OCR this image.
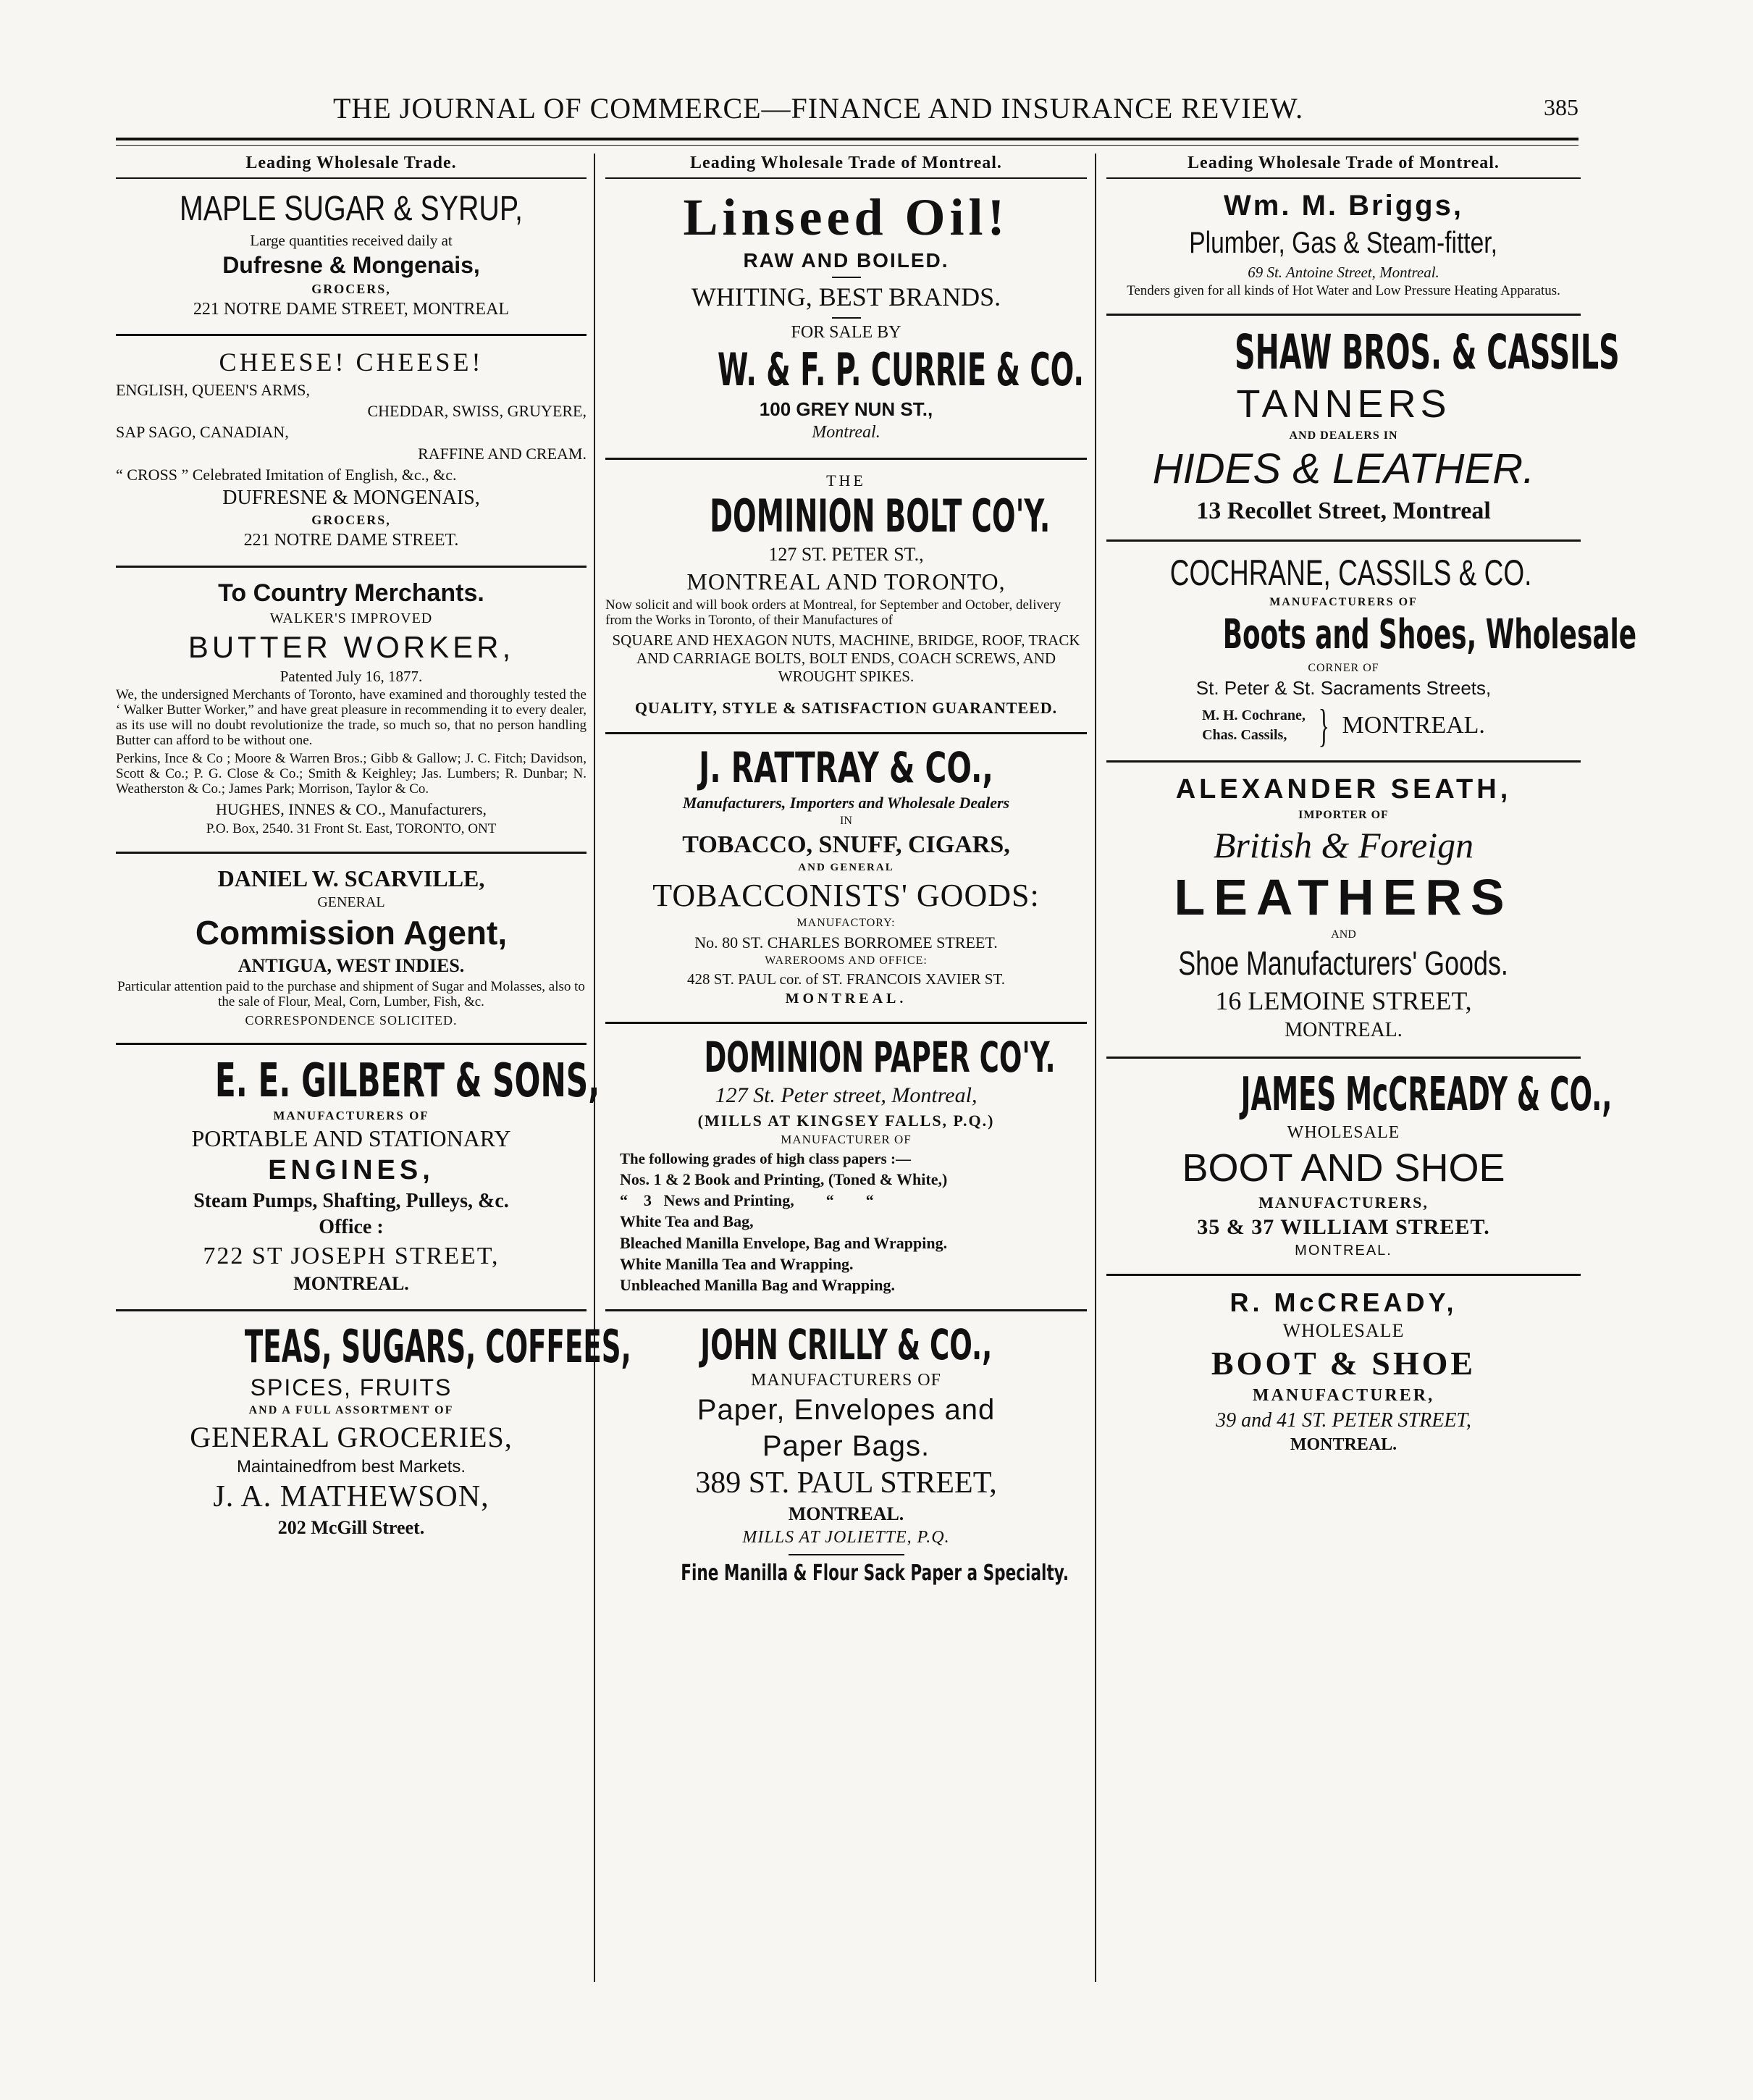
THE JOURNAL OF COMMERCE—FINANCE AND INSURANCE REVIEW.	385
Leading Wholesale Trade.

MAPLE SUGAR & SYRUP,

Large quantities received daily at

Dufresne & Mongenais,

GROCERS,

221 NOTRE DAME STREET, MONTREAL

CHEESE! CHEESE!

ENGLISH, QUEEN'S ARMS,

CHEDDAR, SWISS, GRUYERE,

SAP SAGO, CANADIAN,

RAFFINE AND CREAM.

“ CROSS ” Celebrated Imitation of English, &c., &c.

DUFRESNE & MONGENAIS,

GROCERS,

221 NOTRE DAME STREET.

To Country Merchants.

WALKER'S IMPROVED

BUTTER WORKER,

Patented July 16, 1877.

We, the undersigned Merchants of Toronto, have examined and thoroughly tested the ‘ Walker Butter Worker,” and have great pleasure in recommending it to every dealer, as its use will no doubt revolutionize the trade, so much so, that no person handling Butter can afford to be without one.

Perkins, Ince & Co ; Moore & Warren Bros.; Gibb & Gallow; J. C. Fitch; Davidson, Scott & Co.; P. G. Close & Co.; Smith & Keighley; Jas. Lumbers; R. Dunbar; N. Weatherston & Co.; James Park; Morrison, Taylor & Co.

HUGHES, INNES & CO., Manufacturers,

P.O. Box, 2540. 31 Front St. East, TORONTO, ONT

DANIEL W. SCARVILLE,

GENERAL

Commission Agent,

ANTIGUA, WEST INDIES.

Particular attention paid to the purchase and shipment of Sugar and Molasses, also to the sale of Flour, Meal, Corn, Lumber, Fish, &c.

CORRESPONDENCE SOLICITED.

E. E. GILBERT & SONS,

MANUFACTURERS OF

PORTABLE AND STATIONARY

ENGINES,

Steam Pumps, Shafting, Pulleys, &c.

Office :

722 ST JOSEPH STREET,

MONTREAL.

TEAS, SUGARS, COFFEES,

SPICES, FRUITS

AND A FULL ASSORTMENT OF

GENERAL GROCERIES,

Maintainedfrom best Markets.

J. A. MATHEWSON,

202 McGill Street.

Leading Wholesale Trade of Montreal.

Linseed Oil!

RAW AND BOILED.

WHITING, BEST BRANDS.

FOR SALE BY

W. & F. P. CURRIE & CO.

100 GREY NUN ST.,

Montreal.

THE

DOMINION BOLT CO'Y.

127 ST. PETER ST.,

MONTREAL AND TORONTO,

Now solicit and will book orders at Montreal, for September and October, delivery from the Works in Toronto, of their Manufactures of

SQUARE AND HEXAGON NUTS, MACHINE, BRIDGE, ROOF, TRACK AND CARRIAGE BOLTS, BOLT ENDS, COACH SCREWS, AND WROUGHT SPIKES.

QUALITY, STYLE & SATISFACTION GUARANTEED.

J. RATTRAY & CO.,

Manufacturers, Importers and Wholesale Dealers

IN

TOBACCO, SNUFF, CIGARS,

AND GENERAL

TOBACCONISTS' GOODS:

MANUFACTORY:

No. 80 ST. CHARLES BORROMEE STREET.

WAREROOMS AND OFFICE:

428 ST. PAUL cor. of ST. FRANCOIS XAVIER ST.

MONTREAL.

DOMINION PAPER CO'Y.

127 St. Peter street, Montreal,

(MILLS AT KINGSEY FALLS, P.Q.)

MANUFACTURER OF

The following grades of high class papers :—

Nos. 1 & 2 Book and Printing, (Toned & White,)

“    3   News and Printing,        “        “

White Tea and Bag,

Bleached Manilla Envelope, Bag and Wrapping.

White Manilla Tea and Wrapping.

Unbleached Manilla Bag and Wrapping.

JOHN CRILLY & CO.,

MANUFACTURERS OF

Paper, Envelopes and

Paper Bags.

389 ST. PAUL STREET,

MONTREAL.

MILLS AT JOLIETTE, P.Q.

Fine Manilla & Flour Sack Paper a Specialty.

Leading Wholesale Trade of Montreal.

Wm. M. Briggs,

Plumber, Gas & Steam-fitter,

69 St. Antoine Street, Montreal.

Tenders given for all kinds of Hot Water and Low Pressure Heating Apparatus.

SHAW BROS. & CASSILS

TANNERS

AND DEALERS IN

HIDES & LEATHER.

13 Recollet Street, Montreal

COCHRANE, CASSILS & CO.

MANUFACTURERS OF

Boots and Shoes, Wholesale

CORNER OF

St. Peter & St. Sacraments Streets,

M. H. Cochrane,

Chas. Cassils, } MONTREAL.

ALEXANDER SEATH,

IMPORTER OF

British & Foreign

LEATHERS

AND

Shoe Manufacturers' Goods.

16 LEMOINE STREET,

MONTREAL.

JAMES McCREADY & CO.,

WHOLESALE

BOOT AND SHOE

MANUFACTURERS,

35 & 37 WILLIAM STREET.

MONTREAL.

R. McCREADY,

WHOLESALE

BOOT & SHOE

MANUFACTURER,

39 and 41 ST. PETER STREET,

MONTREAL.
